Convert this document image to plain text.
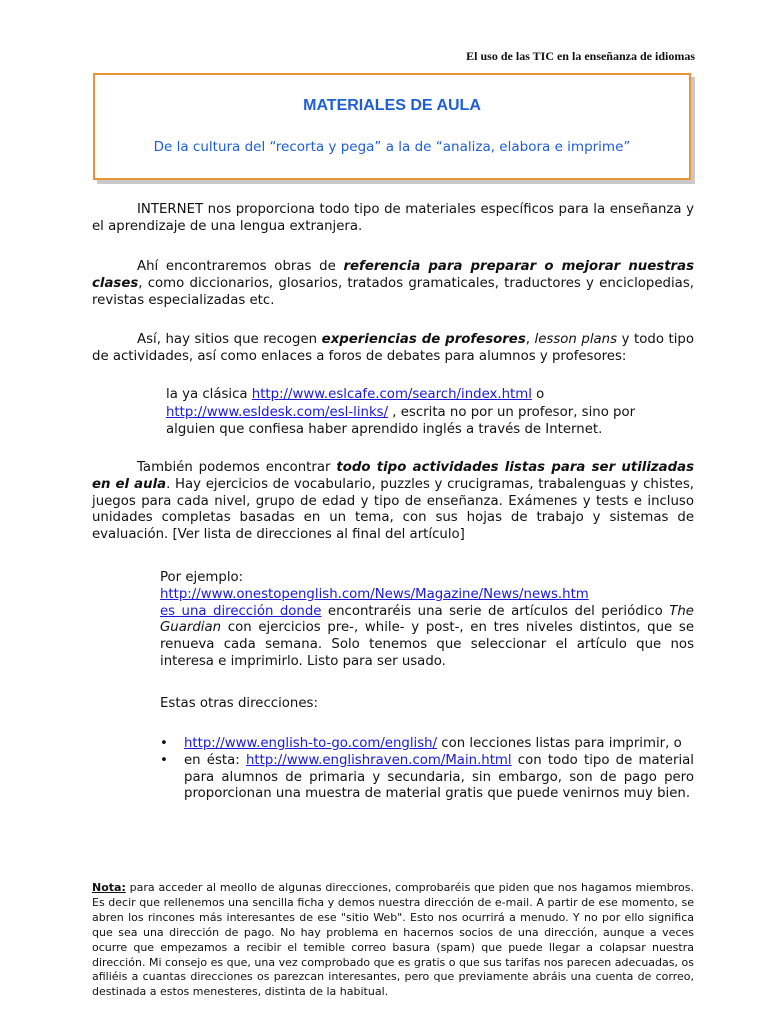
El uso de las TIC en la enseñanza de idiomas
MATERIALES DE AULA
De la cultura del “recorta y pega” a la de “analiza, elabora e imprime”
INTERNET nos proporciona todo tipo de materiales específicos para la enseñanza y el aprendizaje de una lengua extranjera.
Ahí encontraremos obras de referencia para preparar o mejorar nuestras clases, como diccionarios, glosarios, tratados gramaticales, traductores y enciclopedias, revistas especializadas etc.
Así, hay sitios que recogen experiencias de profesores, lesson plans y todo tipo de actividades, así como enlaces a foros de debates para alumnos y profesores:
la ya clásica http://www.eslcafe.com/search/index.html o
http://www.esldesk.com/esl-links/ , escrita no por un profesor, sino por
alguien que confiesa haber aprendido inglés a través de Internet.
También podemos encontrar todo tipo actividades listas para ser utilizadas en el aula. Hay ejercicios de vocabulario, puzzles y crucigramas, trabalenguas y chistes, juegos para cada nivel, grupo de edad y tipo de enseñanza. Exámenes y tests e incluso unidades completas basadas en un tema, con sus hojas de trabajo y sistemas de evaluación. [Ver lista de direcciones al final del artículo]
Por ejemplo:
http://www.onestopenglish.com/News/Magazine/News/news.htm
es una dirección donde encontraréis una serie de artículos del periódico The Guardian con ejercicios pre-, while- y post-, en tres niveles distintos, que se renueva cada semana. Solo tenemos que seleccionar el artículo que nos interesa e imprimirlo. Listo para ser usado.
Estas otras direcciones:
• http://www.english-to-go.com/english/ con lecciones listas para imprimir, o
• en ésta: http://www.englishraven.com/Main.html con todo tipo de material para alumnos de primaria y secundaria, sin embargo, son de pago pero proporcionan una muestra de material gratis que puede venirnos muy bien.
Nota: para acceder al meollo de algunas direcciones, comprobaréis que piden que nos hagamos miembros. Es decir que rellenemos una sencilla ficha y demos nuestra dirección de e-mail. A partir de ese momento, se abren los rincones más interesantes de ese "sitio Web". Esto nos ocurrirá a menudo. Y no por ello significa que sea una dirección de pago. No hay problema en hacernos socios de una dirección, aunque a veces ocurre que empezamos a recibir el temible correo basura (spam) que puede llegar a colapsar nuestra dirección. Mi consejo es que, una vez comprobado que es gratis o que sus tarifas nos parecen adecuadas, os afiliéis a cuantas direcciones os parezcan interesantes, pero que previamente abráis una cuenta de correo, destinada a estos menesteres, distinta de la habitual.
